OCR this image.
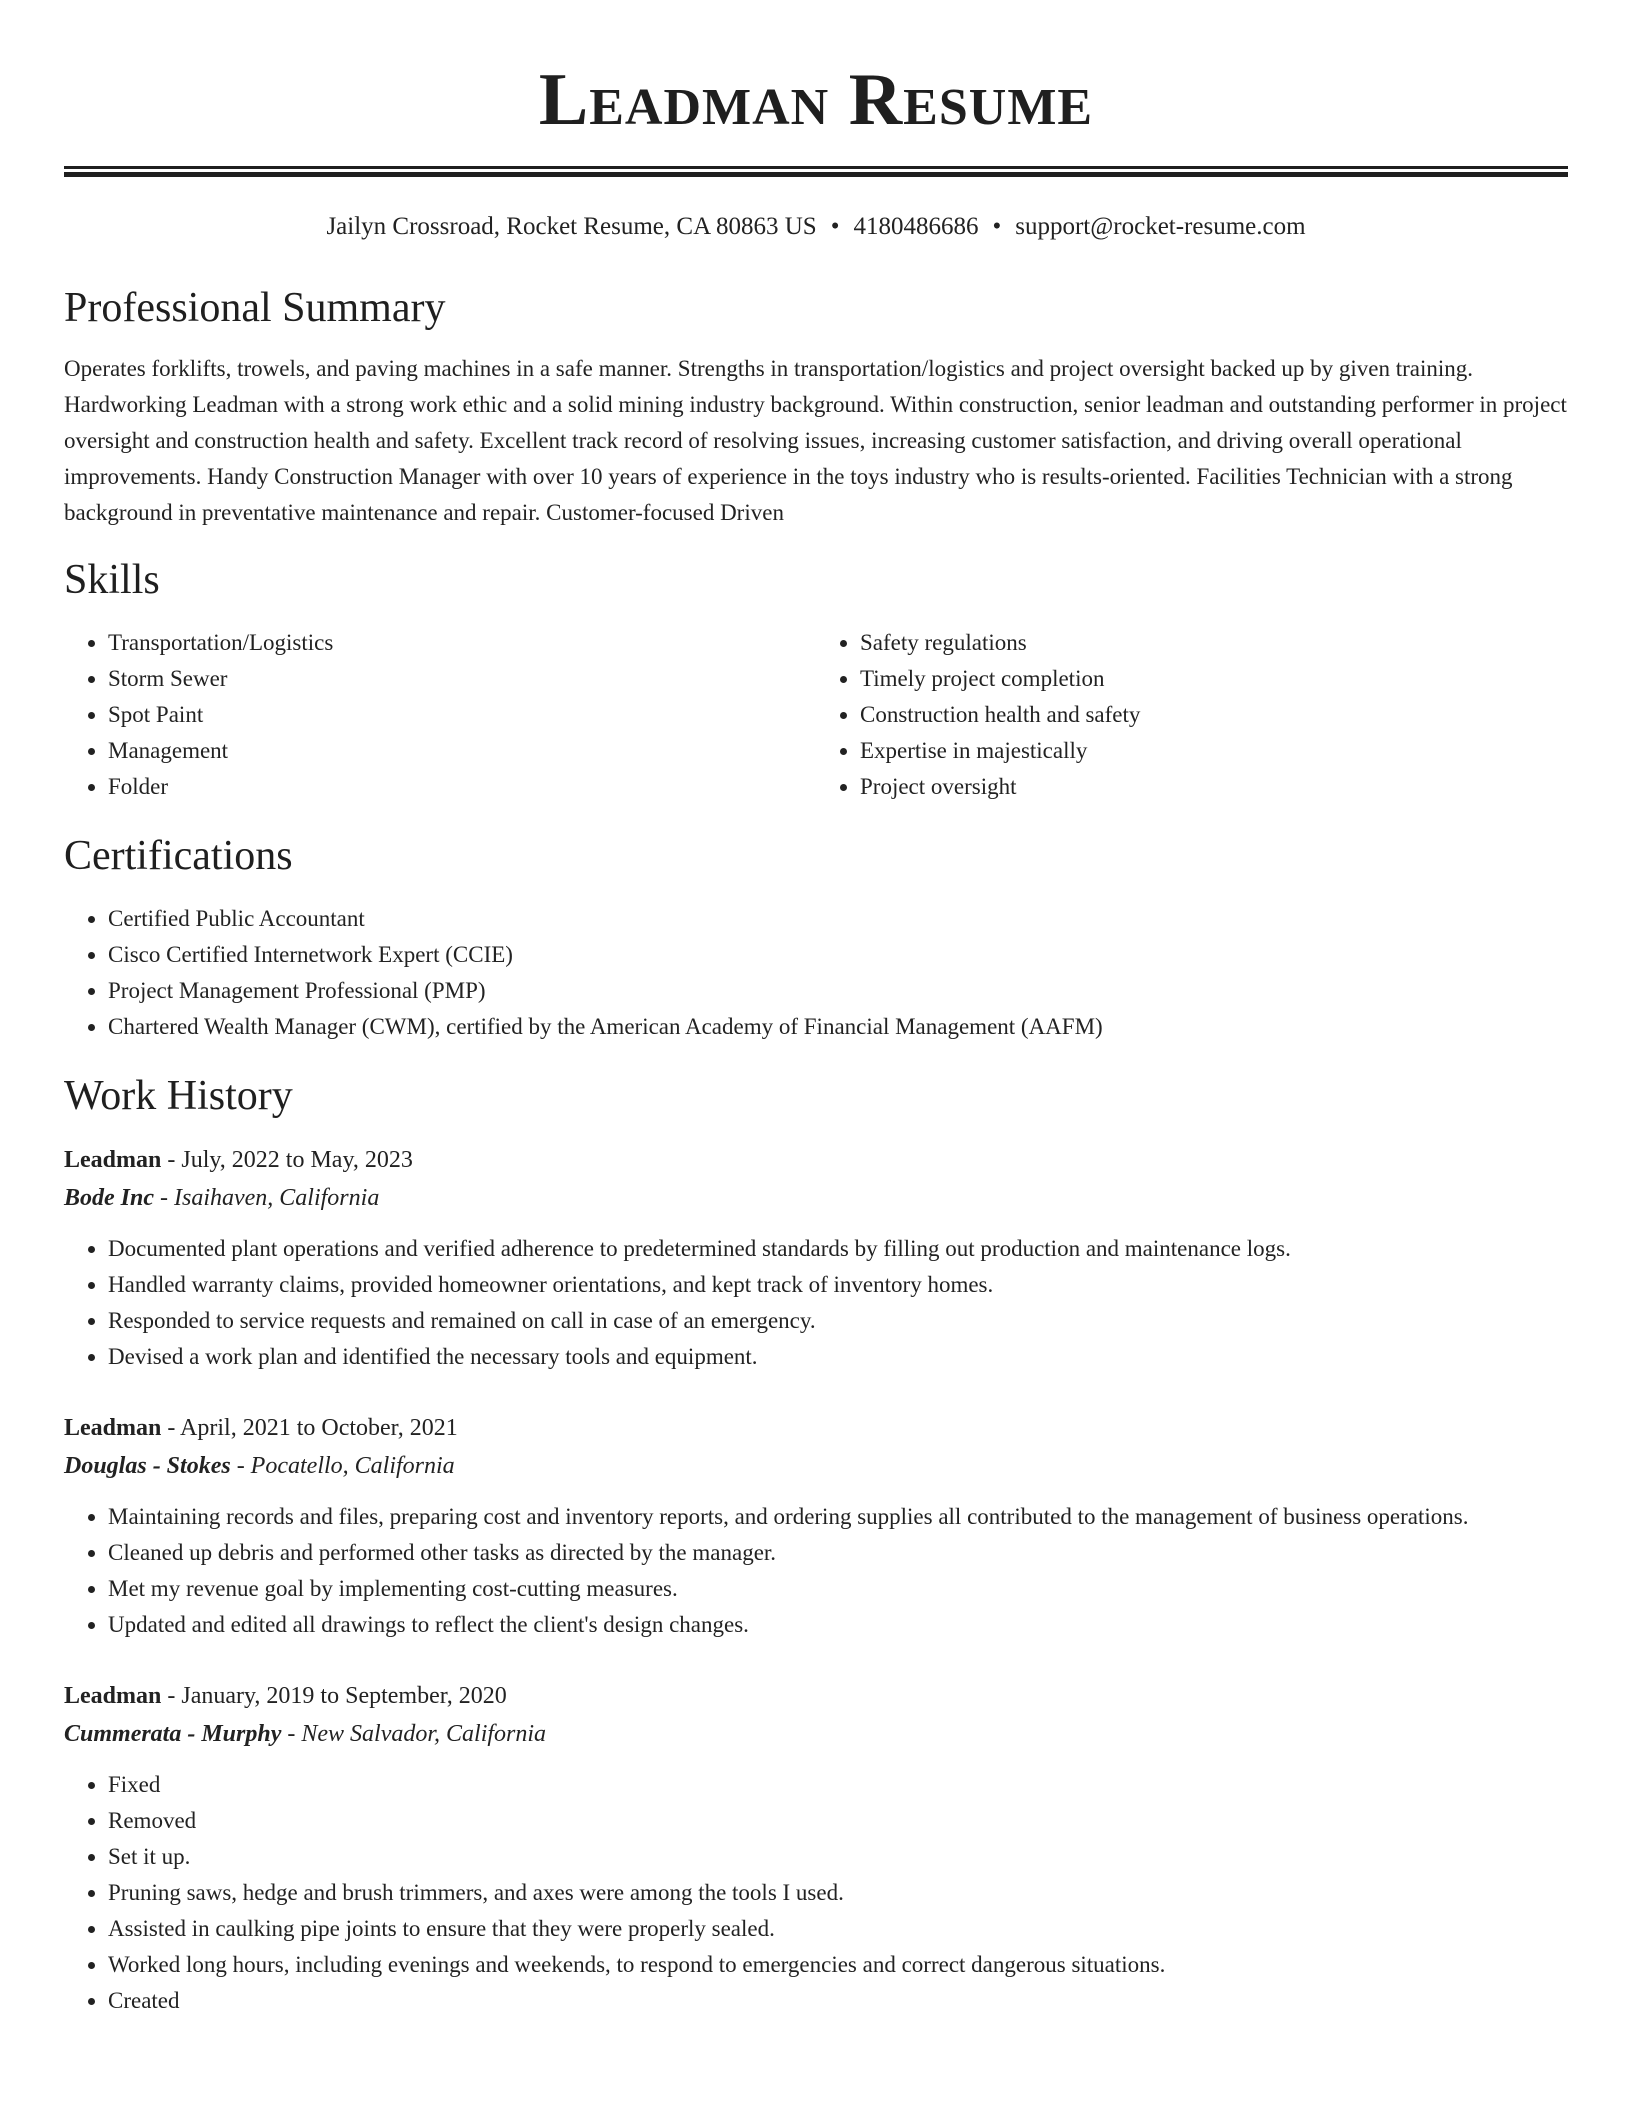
Leadman Resume
Jailyn Crossroad, Rocket Resume, CA 80863 US • 4180486686 • support@rocket-resume.com
Professional Summary

Operates forklifts, trowels, and paving machines in a safe manner. Strengths in transportation/logistics and project oversight backed up by given training. Hardworking Leadman with a strong work ethic and a solid mining industry background. Within construction, senior leadman and outstanding performer in project oversight and construction health and safety. Excellent track record of resolving issues, increasing customer satisfaction, and driving overall operational improvements. Handy Construction Manager with over 10 years of experience in the toys industry who is results-oriented. Facilities Technician with a strong background in preventative maintenance and repair. Customer-focused Driven

Skills
• Transportation/Logistics
• Storm Sewer
• Spot Paint
• Management
• Folder
• Safety regulations
• Timely project completion
• Construction health and safety
• Expertise in majestically
• Project oversight
Certifications
• Certified Public Accountant
• Cisco Certified Internetwork Expert (CCIE)
• Project Management Professional (PMP)
• Chartered Wealth Manager (CWM), certified by the American Academy of Financial Management (AAFM)
Work History
Leadman - July, 2022 to May, 2023
Bode Inc - Isaihaven, California
• Documented plant operations and verified adherence to predetermined standards by filling out production and maintenance logs.
• Handled warranty claims, provided homeowner orientations, and kept track of inventory homes.
• Responded to service requests and remained on call in case of an emergency.
• Devised a work plan and identified the necessary tools and equipment.
Leadman - April, 2021 to October, 2021
Douglas - Stokes - Pocatello, California
• Maintaining records and files, preparing cost and inventory reports, and ordering supplies all contributed to the management of business operations.
• Cleaned up debris and performed other tasks as directed by the manager.
• Met my revenue goal by implementing cost-cutting measures.
• Updated and edited all drawings to reflect the client's design changes.
Leadman - January, 2019 to September, 2020
Cummerata - Murphy - New Salvador, California
• Fixed
• Removed
• Set it up.
• Pruning saws, hedge and brush trimmers, and axes were among the tools I used.
• Assisted in caulking pipe joints to ensure that they were properly sealed.
• Worked long hours, including evenings and weekends, to respond to emergencies and correct dangerous situations.
• Created
